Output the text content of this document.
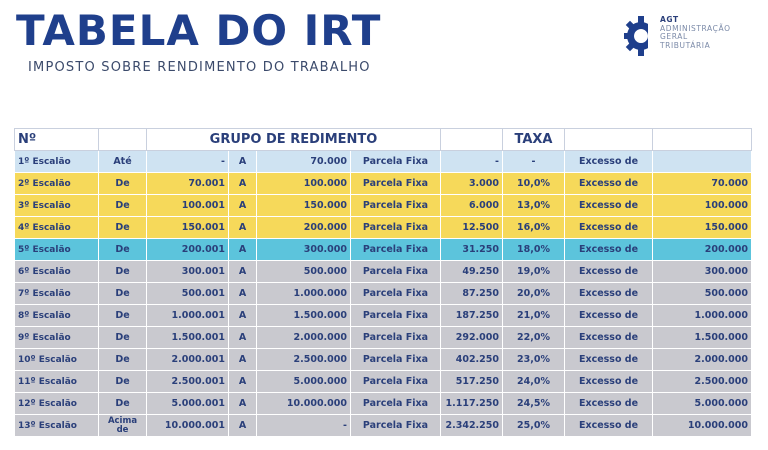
TABELA DO IRT
IMPOSTO SOBRE RENDIMENTO DO TRABALHO
AGT
ADMINISTRAÇÃO
GERAL
TRIBUTÁRIA
Nº		GRUPO DE REDIMENTO					TAXA		
1º Escalão	Até	-	A	70.000	Parcela Fixa	-	-	Excesso de	
2º Escalão	De	70.001	A	100.000	Parcela Fixa	3.000	10,0%	Excesso de	70.000
3º Escalão	De	100.001	A	150.000	Parcela Fixa	6.000	13,0%	Excesso de	100.000
4º Escalão	De	150.001	A	200.000	Parcela Fixa	12.500	16,0%	Excesso de	150.000
5º Escalão	De	200.001	A	300.000	Parcela Fixa	31.250	18,0%	Excesso de	200.000
6º Escalão	De	300.001	A	500.000	Parcela Fixa	49.250	19,0%	Excesso de	300.000
7º Escalão	De	500.001	A	1.000.000	Parcela Fixa	87.250	20,0%	Excesso de	500.000
8º Escalão	De	1.000.001	A	1.500.000	Parcela Fixa	187.250	21,0%	Excesso de	1.000.000
9º Escalão	De	1.500.001	A	2.000.000	Parcela Fixa	292.000	22,0%	Excesso de	1.500.000
10º Escalão	De	2.000.001	A	2.500.000	Parcela Fixa	402.250	23,0%	Excesso de	2.000.000
11º Escalão	De	2.500.001	A	5.000.000	Parcela Fixa	517.250	24,0%	Excesso de	2.500.000
12º Escalão	De	5.000.001	A	10.000.000	Parcela Fixa	1.117.250	24,5%	Excesso de	5.000.000
13º Escalão	Acima de	10.000.001	A	-	Parcela Fixa	2.342.250	25,0%	Excesso de	10.000.000
